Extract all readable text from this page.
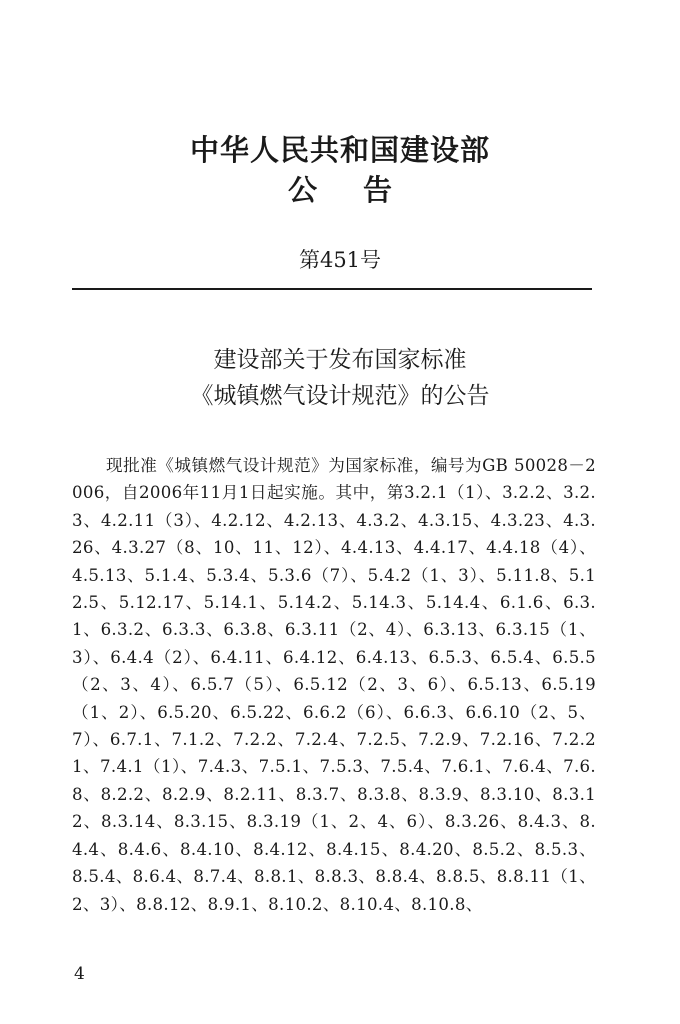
中华人民共和国建设部
公 告
第451号
建设部关于发布国家标准
《城镇燃气设计规范》的公告

现批准《城镇燃气设计规范》为国家标准，编号为GB 50028－2006，自2006年11月1日起实施。其中，第3.2.1（1）、3.2.2、3.2.3、4.2.11（3）、4.2.12、4.2.13、4.3.2、4.3.15、4.3.23、4.3.26、4.3.27（8、10、11、12）、4.4.13、4.4.17、4.4.18（4）、4.5.13、5.1.4、5.3.4、5.3.6（7）、5.4.2（1、3）、5.11.8、5.12.5、5.12.17、5.14.1、5.14.2、5.14.3、5.14.4、6.1.6、6.3.1、6.3.2、6.3.3、6.3.8、6.3.11（2、4）、6.3.13、6.3.15（1、3）、6.4.4（2）、6.4.11、6.4.12、6.4.13、6.5.3、6.5.4、6.5.5（2、3、4）、6.5.7（5）、6.5.12（2、3、6）、6.5.13、6.5.19（1、2）、6.5.20、6.5.22、6.6.2（6）、6.6.3、6.6.10（2、5、7）、6.7.1、7.1.2、7.2.2、7.2.4、7.2.5、7.2.9、7.2.16、7.2.21、7.4.1（1）、7.4.3、7.5.1、7.5.3、7.5.4、7.6.1、7.6.4、7.6.8、8.2.2、8.2.9、8.2.11、8.3.7、8.3.8、8.3.9、8.3.10、8.3.12、8.3.14、8.3.15、8.3.19（1、2、4、6）、8.3.26、8.4.3、8.4.4、8.4.6、8.4.10、8.4.12、8.4.15、8.4.20、8.5.2、8.5.3、8.5.4、8.6.4、8.7.4、8.8.1、8.8.3、8.8.4、8.8.5、8.8.11（1、2、3）、8.8.12、8.9.1、8.10.2、8.10.4、8.10.8、

4
